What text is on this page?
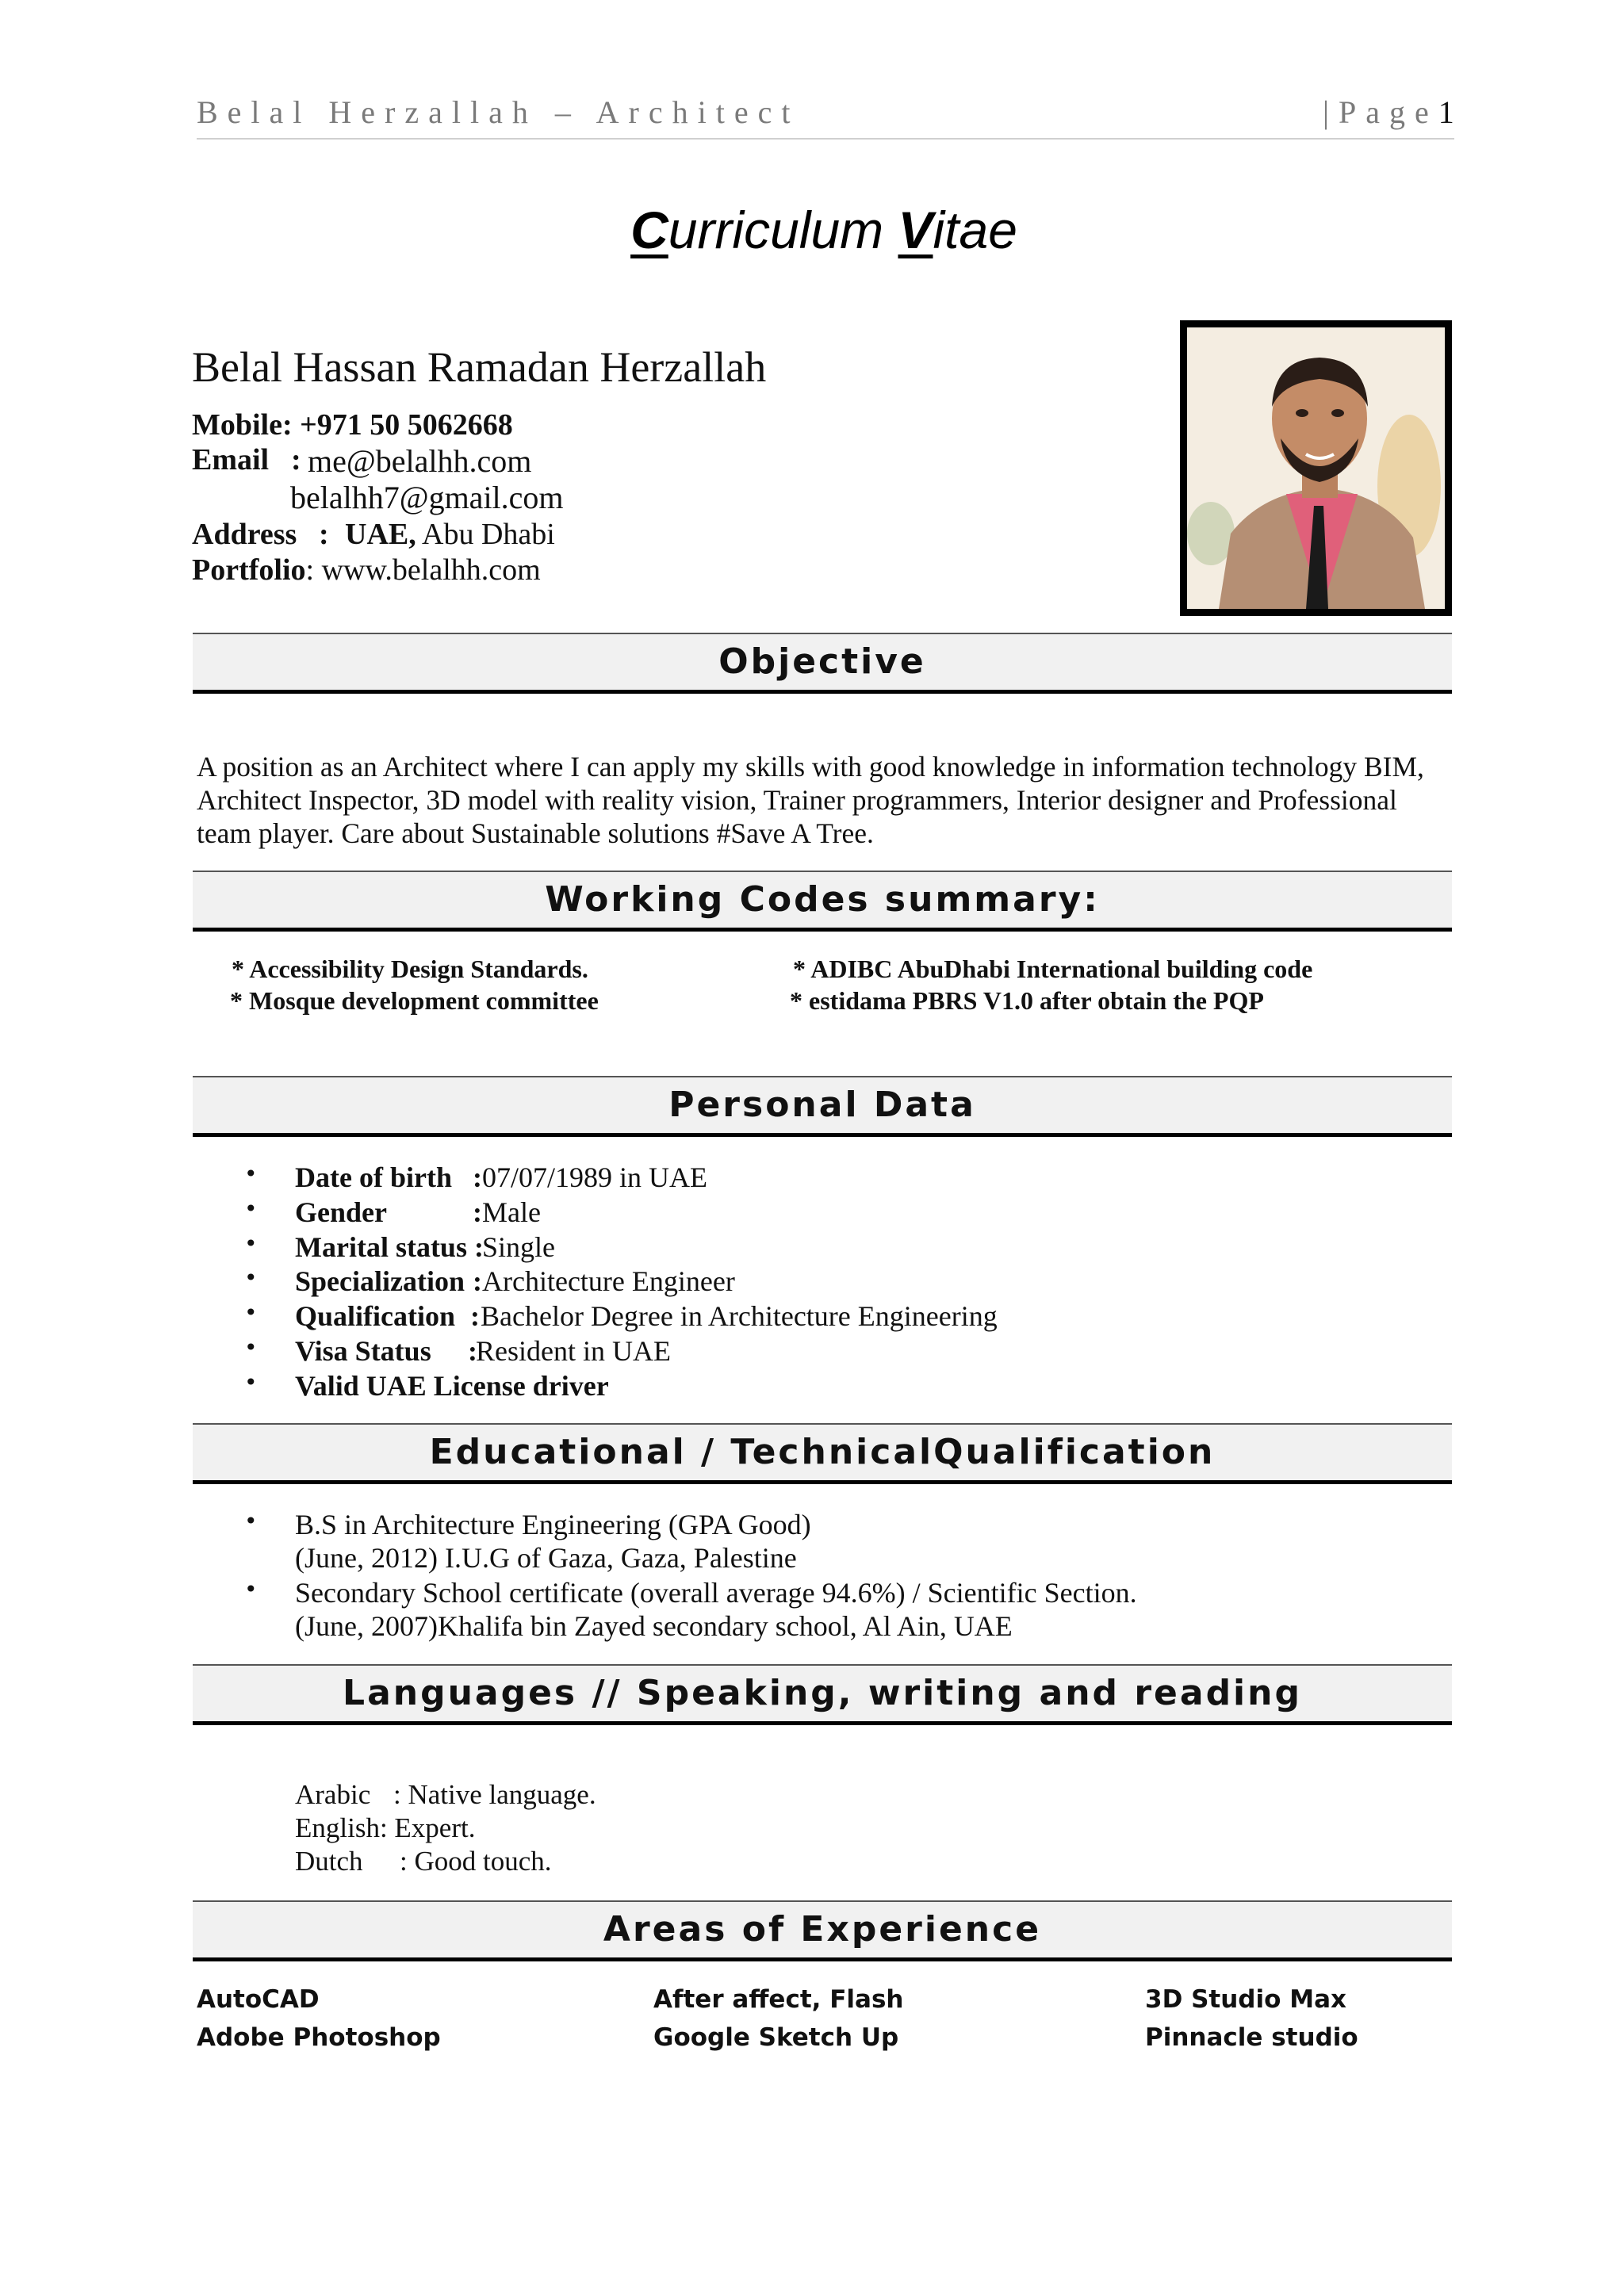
Belal Herzallah – Architect	|Page1
Curriculum Vitae
Belal Hassan Ramadan Herzallah
Mobile: +971 50 5062668
Email : me@belalhh.com
belalhh7@gmail.com
Address : UAE, Abu Dhabi
Portfolio: www.belalhh.com
Objective
A position as an Architect where I can apply my skills with good knowledge in information technology BIM,
Architect Inspector, 3D model with reality vision, Trainer programmers, Interior designer and Professional
team player. Care about Sustainable solutions #Save A Tree.
Working Codes summary:
* Accessibility Design Standards.	* ADIBC AbuDhabi International building code
* Mosque development committee	* estidama PBRS V1.0 after obtain the PQP
Personal Data
• Date of birth : 07/07/1989 in UAE
• Gender	: Male
• Marital status :
Single
• Specialization : Architecture Engineer
• Qualification : Bachelor Degree in Architecture Engineering
• Visa Status :
Resident in UAE
• Valid UAE License driver
Educational / TechnicalQualification
• B.S in Architecture Engineering (GPA Good)
(June, 2012) I.U.G of Gaza, Gaza, Palestine
• Secondary School certificate (overall average 94.6%) / Scientific Section.
(June, 2007)Khalifa bin Zayed secondary school, Al Ain, UAE
Languages // Speaking, writing and reading
Arabic : Native language.
English: Expert.
Dutch : Good touch.
Areas of Experience
AutoCAD	After affect, Flash	3D Studio Max
Adobe Photoshop	Google Sketch Up	Pinnacle studio
